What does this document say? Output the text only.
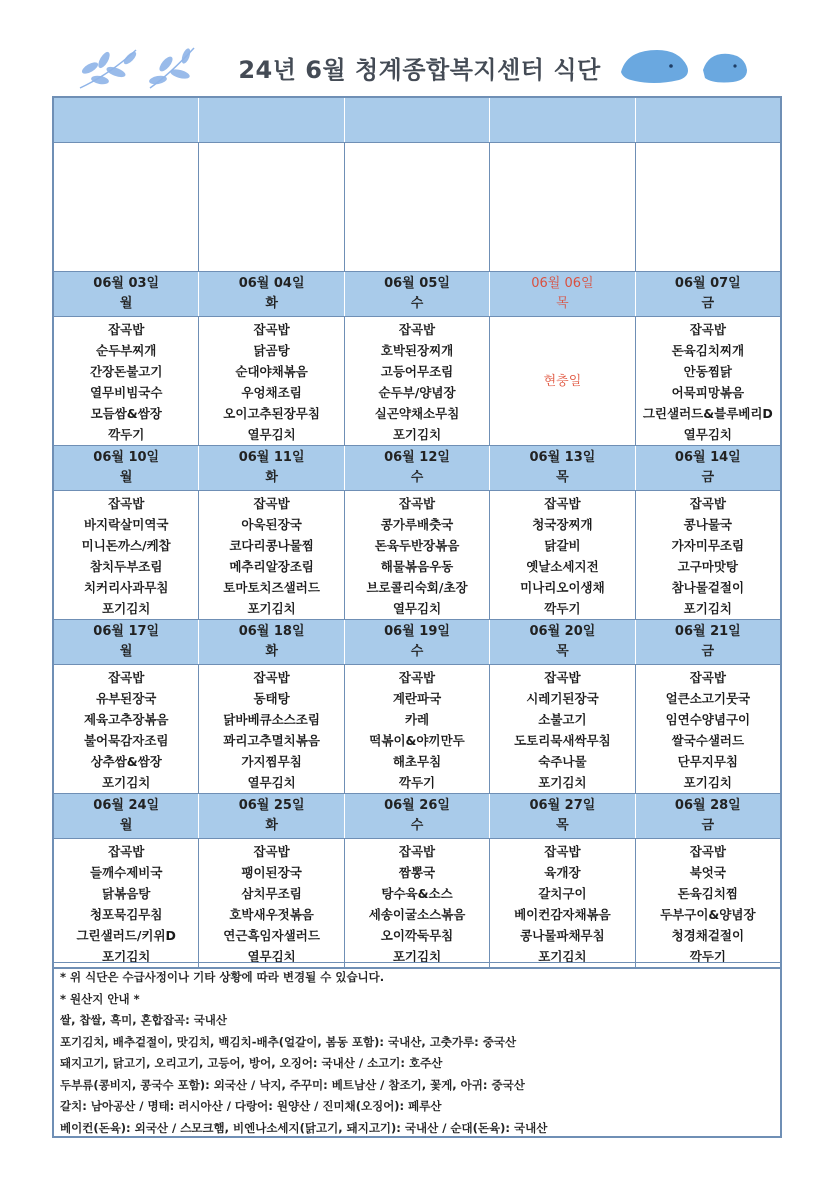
24년 6월 청계종합복지센터 식단
06월 03일
월
06월 04일
화
06월 05일
수
06월 06일
목
06월 07일
금
잡곡밥
순두부찌개
간장돈불고기
열무비빔국수
모듬쌈&쌈장
깍두기
잡곡밥
닭곰탕
순대야채볶음
우엉채조림
오이고추된장무침
열무김치
잡곡밥
호박된장찌개
고등어무조림
순두부/양념장
실곤약채소무침
포기김치
현충일
잡곡밥
돈육김치찌개
안동찜닭
어묵피망볶음
그린샐러드&블루베리D
열무김치
06월 10일
월
06월 11일
화
06월 12일
수
06월 13일
목
06월 14일
금
잡곡밥
바지락살미역국
미니돈까스/케찹
참치두부조림
치커리사과무침
포기김치
잡곡밥
아욱된장국
코다리콩나물찜
메추리알장조림
토마토치즈샐러드
포기김치
잡곡밥
콩가루배춧국
돈육두반장볶음
해물볶음우동
브로콜리숙회/초장
열무김치
잡곡밥
청국장찌개
닭갈비
옛날소세지전
미나리오이생채
깍두기
잡곡밥
콩나물국
가자미무조림
고구마맛탕
참나물겉절이
포기김치
06월 17일
월
06월 18일
화
06월 19일
수
06월 20일
목
06월 21일
금
잡곡밥
유부된장국
제육고추장볶음
불어묵감자조림
상추쌈&쌈장
포기김치
잡곡밥
동태탕
닭바베큐소스조림
꽈리고추멸치볶음
가지찜무침
열무김치
잡곡밥
계란파국
카레
떡볶이&야끼만두
해초무침
깍두기
잡곡밥
시레기된장국
소불고기
도토리묵새싹무침
숙주나물
포기김치
잡곡밥
얼큰소고기뭇국
임연수양념구이
쌀국수샐러드
단무지무침
포기김치
06월 24일
월
06월 25일
화
06월 26일
수
06월 27일
목
06월 28일
금
잡곡밥
들깨수제비국
닭볶음탕
청포묵김무침
그린샐러드/키위D
포기김치
잡곡밥
팽이된장국
삼치무조림
호박새우젓볶음
연근흑임자샐러드
열무김치
잡곡밥
짬뽕국
탕수육&소스
세송이굴소스볶음
오이깍둑무침
포기김치
잡곡밥
육개장
갈치구이
베이컨감자채볶음
콩나물파채무침
포기김치
잡곡밥
북엇국
돈육김치찜
두부구이&양념장
청경채겉절이
깍두기
* 위 식단은 수급사정이나 기타 상황에 따라 변경될 수 있습니다.
* 원산지 안내 *
쌀, 찹쌀, 흑미, 혼합잡곡: 국내산
포기김치, 배추겉절이, 맛김치, 백김치-배추(얼갈이, 봄동 포함): 국내산, 고춧가루: 중국산
돼지고기, 닭고기, 오리고기, 고등어, 방어, 오징어: 국내산 / 소고기: 호주산
두부류(콩비지, 콩국수 포함): 외국산 / 낙지, 주꾸미: 베트남산 / 참조기, 꽃게, 아귀: 중국산
갈치: 남아공산 / 명태: 러시아산 / 다랑어: 원양산 / 진미채(오징어): 페루산
베이컨(돈육): 외국산 / 스모크햄, 비엔나소세지(닭고기, 돼지고기): 국내산 / 순대(돈육): 국내산
